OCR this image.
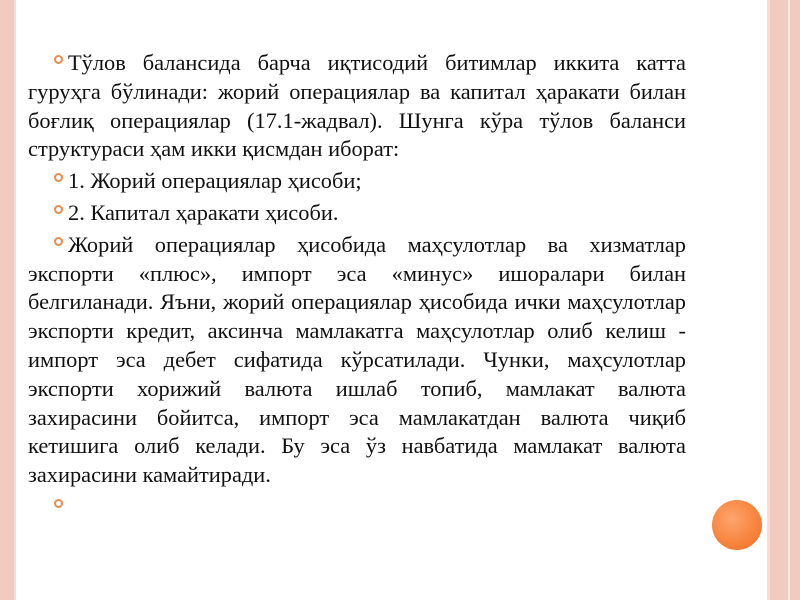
Тўлов балансида барча иқтисодий битимлар иккита катта гуруҳга бўлинади: жорий операциялар ва капитал ҳаракати билан боғлиқ операциялар (17.1-жадвал). Шунга кўра тўлов баланси структураси ҳам икки қисмдан иборат:

1. Жорий операциялар ҳисоби;

2. Капитал ҳаракати ҳисоби.

Жорий операциялар ҳисобида маҳсулотлар ва хизматлар экспорти «плюс», импорт эса «минус» ишоралари билан белгиланади. Яъни, жорий операциялар ҳисобида ички маҳсулотлар экспорти кредит, аксинча мамлакатга маҳсулотлар олиб келиш - импорт эса дебет сифатида кўрсатилади. Чунки, маҳсулотлар экспорти хорижий валюта ишлаб топиб, мамлакат валюта захирасини бойитса, импорт эса мамлакатдан валюта чиқиб кетишига олиб келади. Бу эса ўз навбатида мамлакат валюта захирасини камайтиради.
